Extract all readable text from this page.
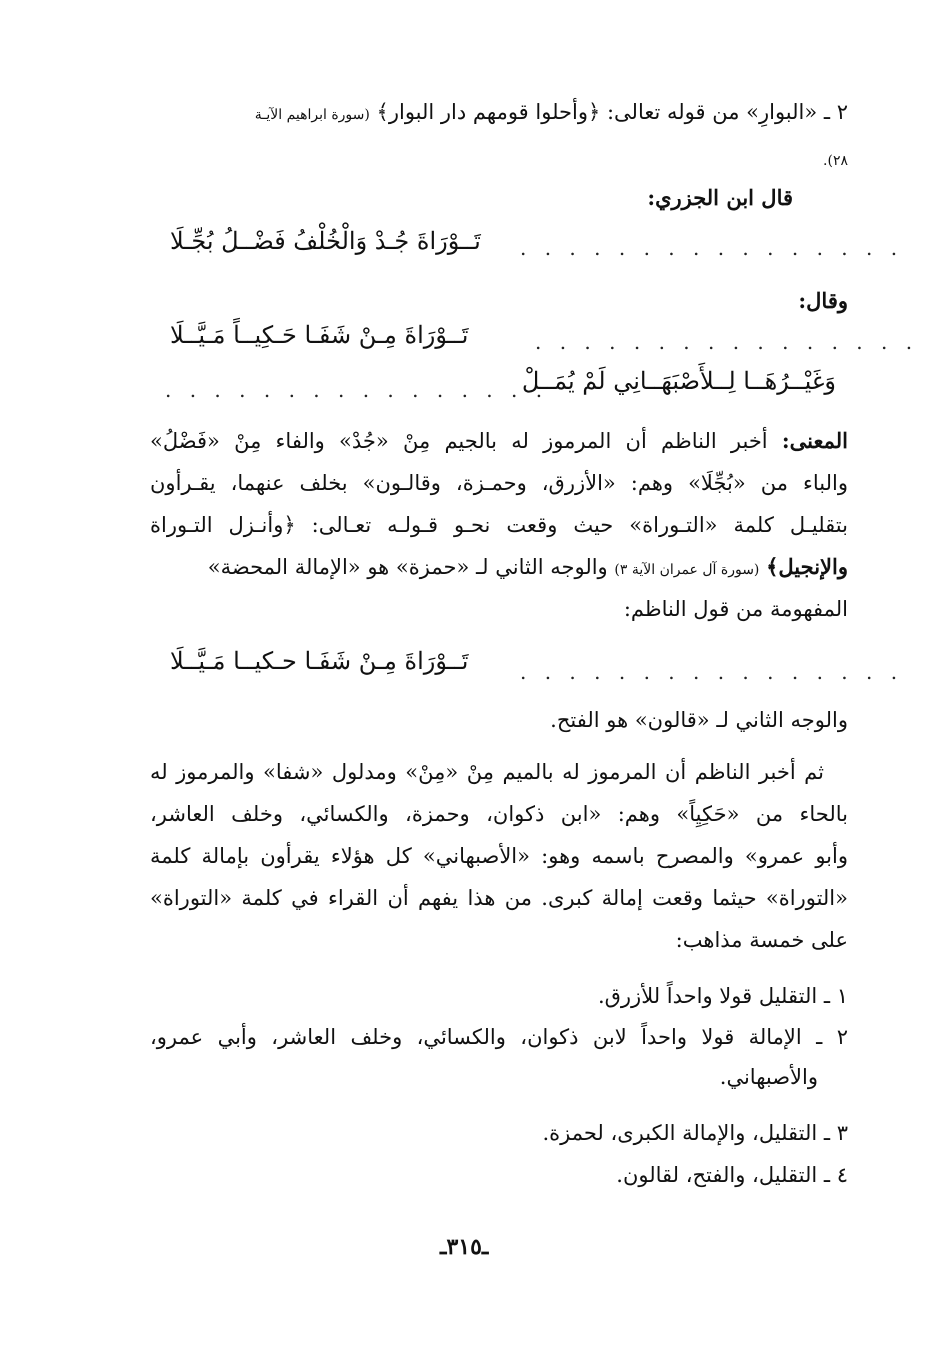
٢ ـ «البوارِ» من قوله تعالى: ﴿وأحلوا قومهم دار البوار﴾ (سورة ابراهيم الآيـة
٢٨).
قال ابن الجزري:
. . . . . . . . . . . . . . . .
تَــوْرَاةَ جُـدْ وَالْخُلْفُ فَضْــلُ بُجِّـلَا
وقال:
. . . . . . . . . . . . . . . .
تَــوْرَاةَ مِـنْ شَفَـا حَـكِيــاً مَـيَّــلَا
وَغَيْــرُهَــا لِــلأَصْبَهَــانِي لَمْ يُمَــلْ
. . . . . . . . . . . . . . . .
المعنى: أخبر الناظم أن المرموز له بالجيم مِنْ «جُدْ» والفاء مِنْ «فَضْلُ»
والباء من «بُجِّلَا» وهم: «الأزرق، وحمـزة، وقالـون» بخلف عنهما، يقـرأون
بتقليـل كلمة «التـوراة» حيث وقعت نحـو قـولـه تعـالى: ﴿وأنـزل التـوراة
والإنجيل﴾ (سورة آل عمران الآية ٣) والوجه الثاني لـ «حمزة» هو «الإمالة المحضة»
المفهومة من قول الناظم:
. . . . . . . . . . . . . . . .
تَــوْرَاةَ مِـنْ شَفَـا حـكيــا مَـيَّــلَا
والوجه الثاني لـ «قالون» هو الفتح.
ثم أخبر الناظم أن المرموز له بالميم مِنْ «مِنْ» ومدلول «شفا» والمرموز له
بالحاء من «حَكِيِاً» وهم: «ابن ذكوان، وحمزة، والكسائي، وخلف العاشر،
وأبو عمرو» والمصرح باسمه وهو: «الأصبهاني» كل هؤلاء يقرأون بإمالة كلمة
«التوراة» حيثما وقعت إمالة كبرى. من هذا يفهم أن القراء في كلمة «التوراة»
على خمسة مذاهب:
١ ـ التقليل قولا واحداً للأزرق.
٢ ـ الإمالة قولا واحداً لابن ذكوان، والكسائي، وخلف العاشر، وأبي عمرو،
والأصبهاني.
٣ ـ التقليل، والإمالة الكبرى، لحمزة.
٤ ـ التقليل، والفتح، لقالون.
ـ٣١٥ـ
